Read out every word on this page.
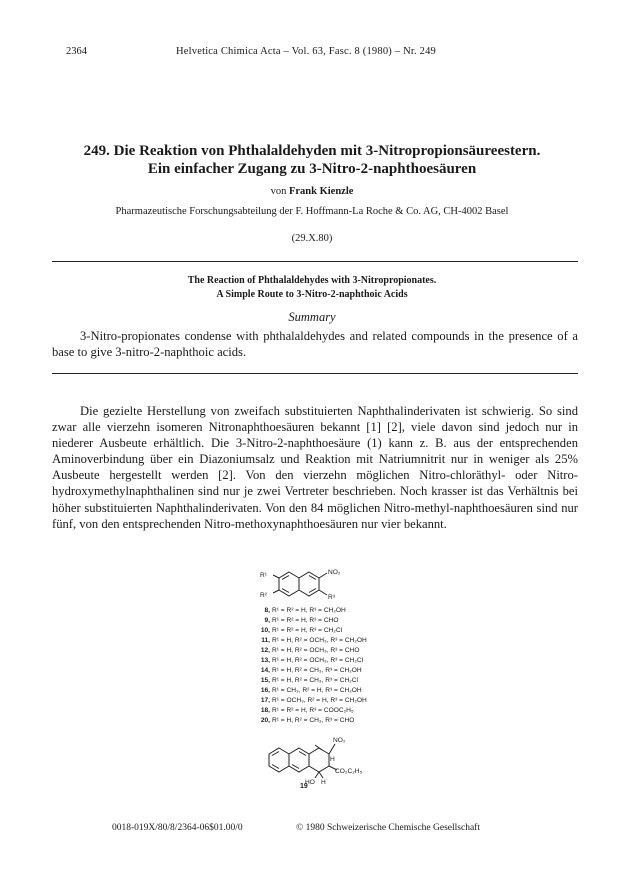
2364	Helvetica Chimica Acta – Vol. 63, Fasc. 8 (1980) – Nr. 249
249. Die Reaktion von Phthalaldehyden mit 3-Nitropropionsäureestern.
Ein einfacher Zugang zu 3-Nitro-2-naphthoesäuren
von Frank Kienzle
Pharmazeutische Forschungsabteilung der F. Hoffmann-La Roche & Co. AG, CH-4002 Basel
(29.X.80)
The Reaction of Phthalaldehydes with 3-Nitropropionates.
A Simple Route to 3-Nitro-2-naphthoic Acids
Summary
3-Nitro-propionates condense with phthalaldehydes and related compounds in the presence of a base to give 3-nitro-2-naphthoic acids.
Die gezielte Herstellung von zweifach substituierten Naphthalinderivaten ist schwierig. So sind zwar alle vierzehn isomeren Nitronaphthoesäuren bekannt [1] [2], viele davon sind jedoch nur in niederer Ausbeute erhältlich. Die 3-Nitro-2-naphthoesäure (1) kann z. B. aus der entsprechenden Aminoverbindung über ein Diazoniumsalz und Reaktion mit Natriumnitrit nur in weniger als 25% Ausbeute hergestellt werden [2]. Von den vierzehn möglichen Nitro-chloräthyl- oder Nitro-hydroxymethylnaphthalinen sind nur je zwei Vertreter beschrieben. Noch krasser ist das Verhältnis bei höher substituierten Naphthalinderivaten. Von den 84 möglichen Nitro-methyl-naphthoesäuren sind nur fünf, von den entsprechenden Nitro-methoxynaphthoesäuren nur vier bekannt.
R¹
R²
NO₂
R³
8, R¹ = R² = H, R³ = CH₂OH
9, R¹ = R² = H, R³ = CHO
10, R¹ = R² = H, R³ = CH₂Cl
11, R¹ = H, R² = OCH₃, R³ = CH₂OH
12, R¹ = H, R² = OCH₃, R³ = CHO
13, R¹ = H, R² = OCH₃, R³ = CH₂Cl
14, R¹ = H, R² = CH₃, R³ = CH₂OH
15, R¹ = H, R² = CH₃, R³ = CH₂Cl
16, R¹ = CH₃, R² = H, R³ = CH₂OH
17, R¹ = OCH₃, R² = H, R³ = CH₂OH
18, R¹ = R² = H, R³ = COOC₂H₅
20, R¹ = H, R² = CH₃, R³ = CHO
NO₂
H
CO₂C₂H₅
HO H
19
0018-019X/80/8/2364-06$01.00/0	© 1980 Schweizerische Chemische Gesellschaft
